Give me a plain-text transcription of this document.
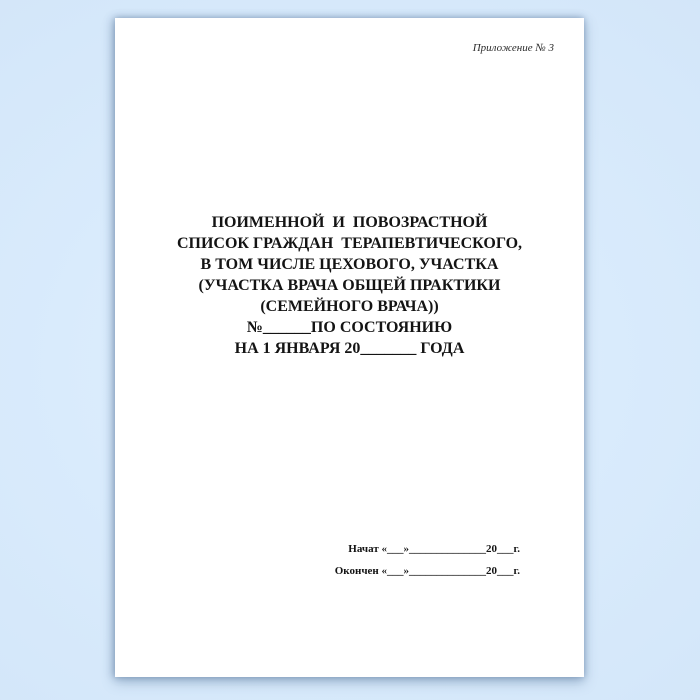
Приложение № 3
ПОИМЕННОЙ  И  ПОВОЗРАСТНОЙ
СПИСОК ГРАЖДАН  ТЕРАПЕВТИЧЕСКОГО,
В ТОМ ЧИСЛЕ ЦЕХОВОГО, УЧАСТКА
(УЧАСТКА ВРАЧА ОБЩЕЙ ПРАКТИКИ
(СЕМЕЙНОГО ВРАЧА))
№______ПО СОСТОЯНИЮ
НА 1 ЯНВАРЯ 20_______ ГОДА
Начат «___»______________20___г.
Окончен «___»______________20___г.
